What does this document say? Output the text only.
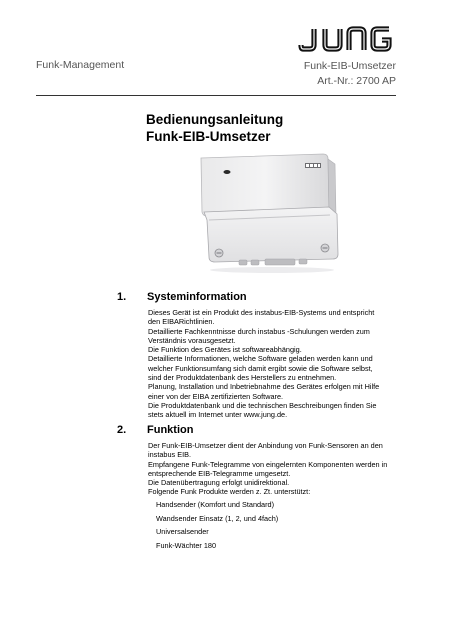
Funk-Management	Funk-EIB-Umsetzer
Art.-Nr.: 2700 AP
Bedienungsanleitung
Funk-EIB-Umsetzer
1. Systeminformation

Dieses Gerät ist ein Produkt des instabus-EIB-Systems und entspricht

den EIBARichtlinien.

Detaillierte Fachkenntnisse durch instabus -Schulungen werden zum

Verständnis vorausgesetzt.

Die Funktion des Gerätes ist softwareabhängig.

Detaillierte Informationen, welche Software geladen werden kann und

welcher Funktionsumfang sich damit ergibt sowie die Software selbst,

sind der Produktdatenbank des Herstellers zu entnehmen.

Planung, Installation und Inbetriebnahme des Gerätes erfolgen mit Hilfe

einer von der EIBA zertifizierten Software.

Die Produktdatenbank und die technischen Beschreibungen finden Sie

stets aktuell im Internet unter www.jung.de.

2. Funktion

Der Funk-EIB-Umsetzer dient der Anbindung von Funk-Sensoren an den

instabus EIB.

Empfangene Funk-Telegramme von eingelernten Komponenten werden in

entsprechende EIB-Telegramme umgesetzt.

Die Datenübertragung erfolgt unidirektional.

Folgende Funk Produkte werden z. Zt. unterstützt:

Handsender (Komfort und Standard)
Wandsender Einsatz (1, 2, und 4fach)
Universalsender
Funk-Wächter 180
